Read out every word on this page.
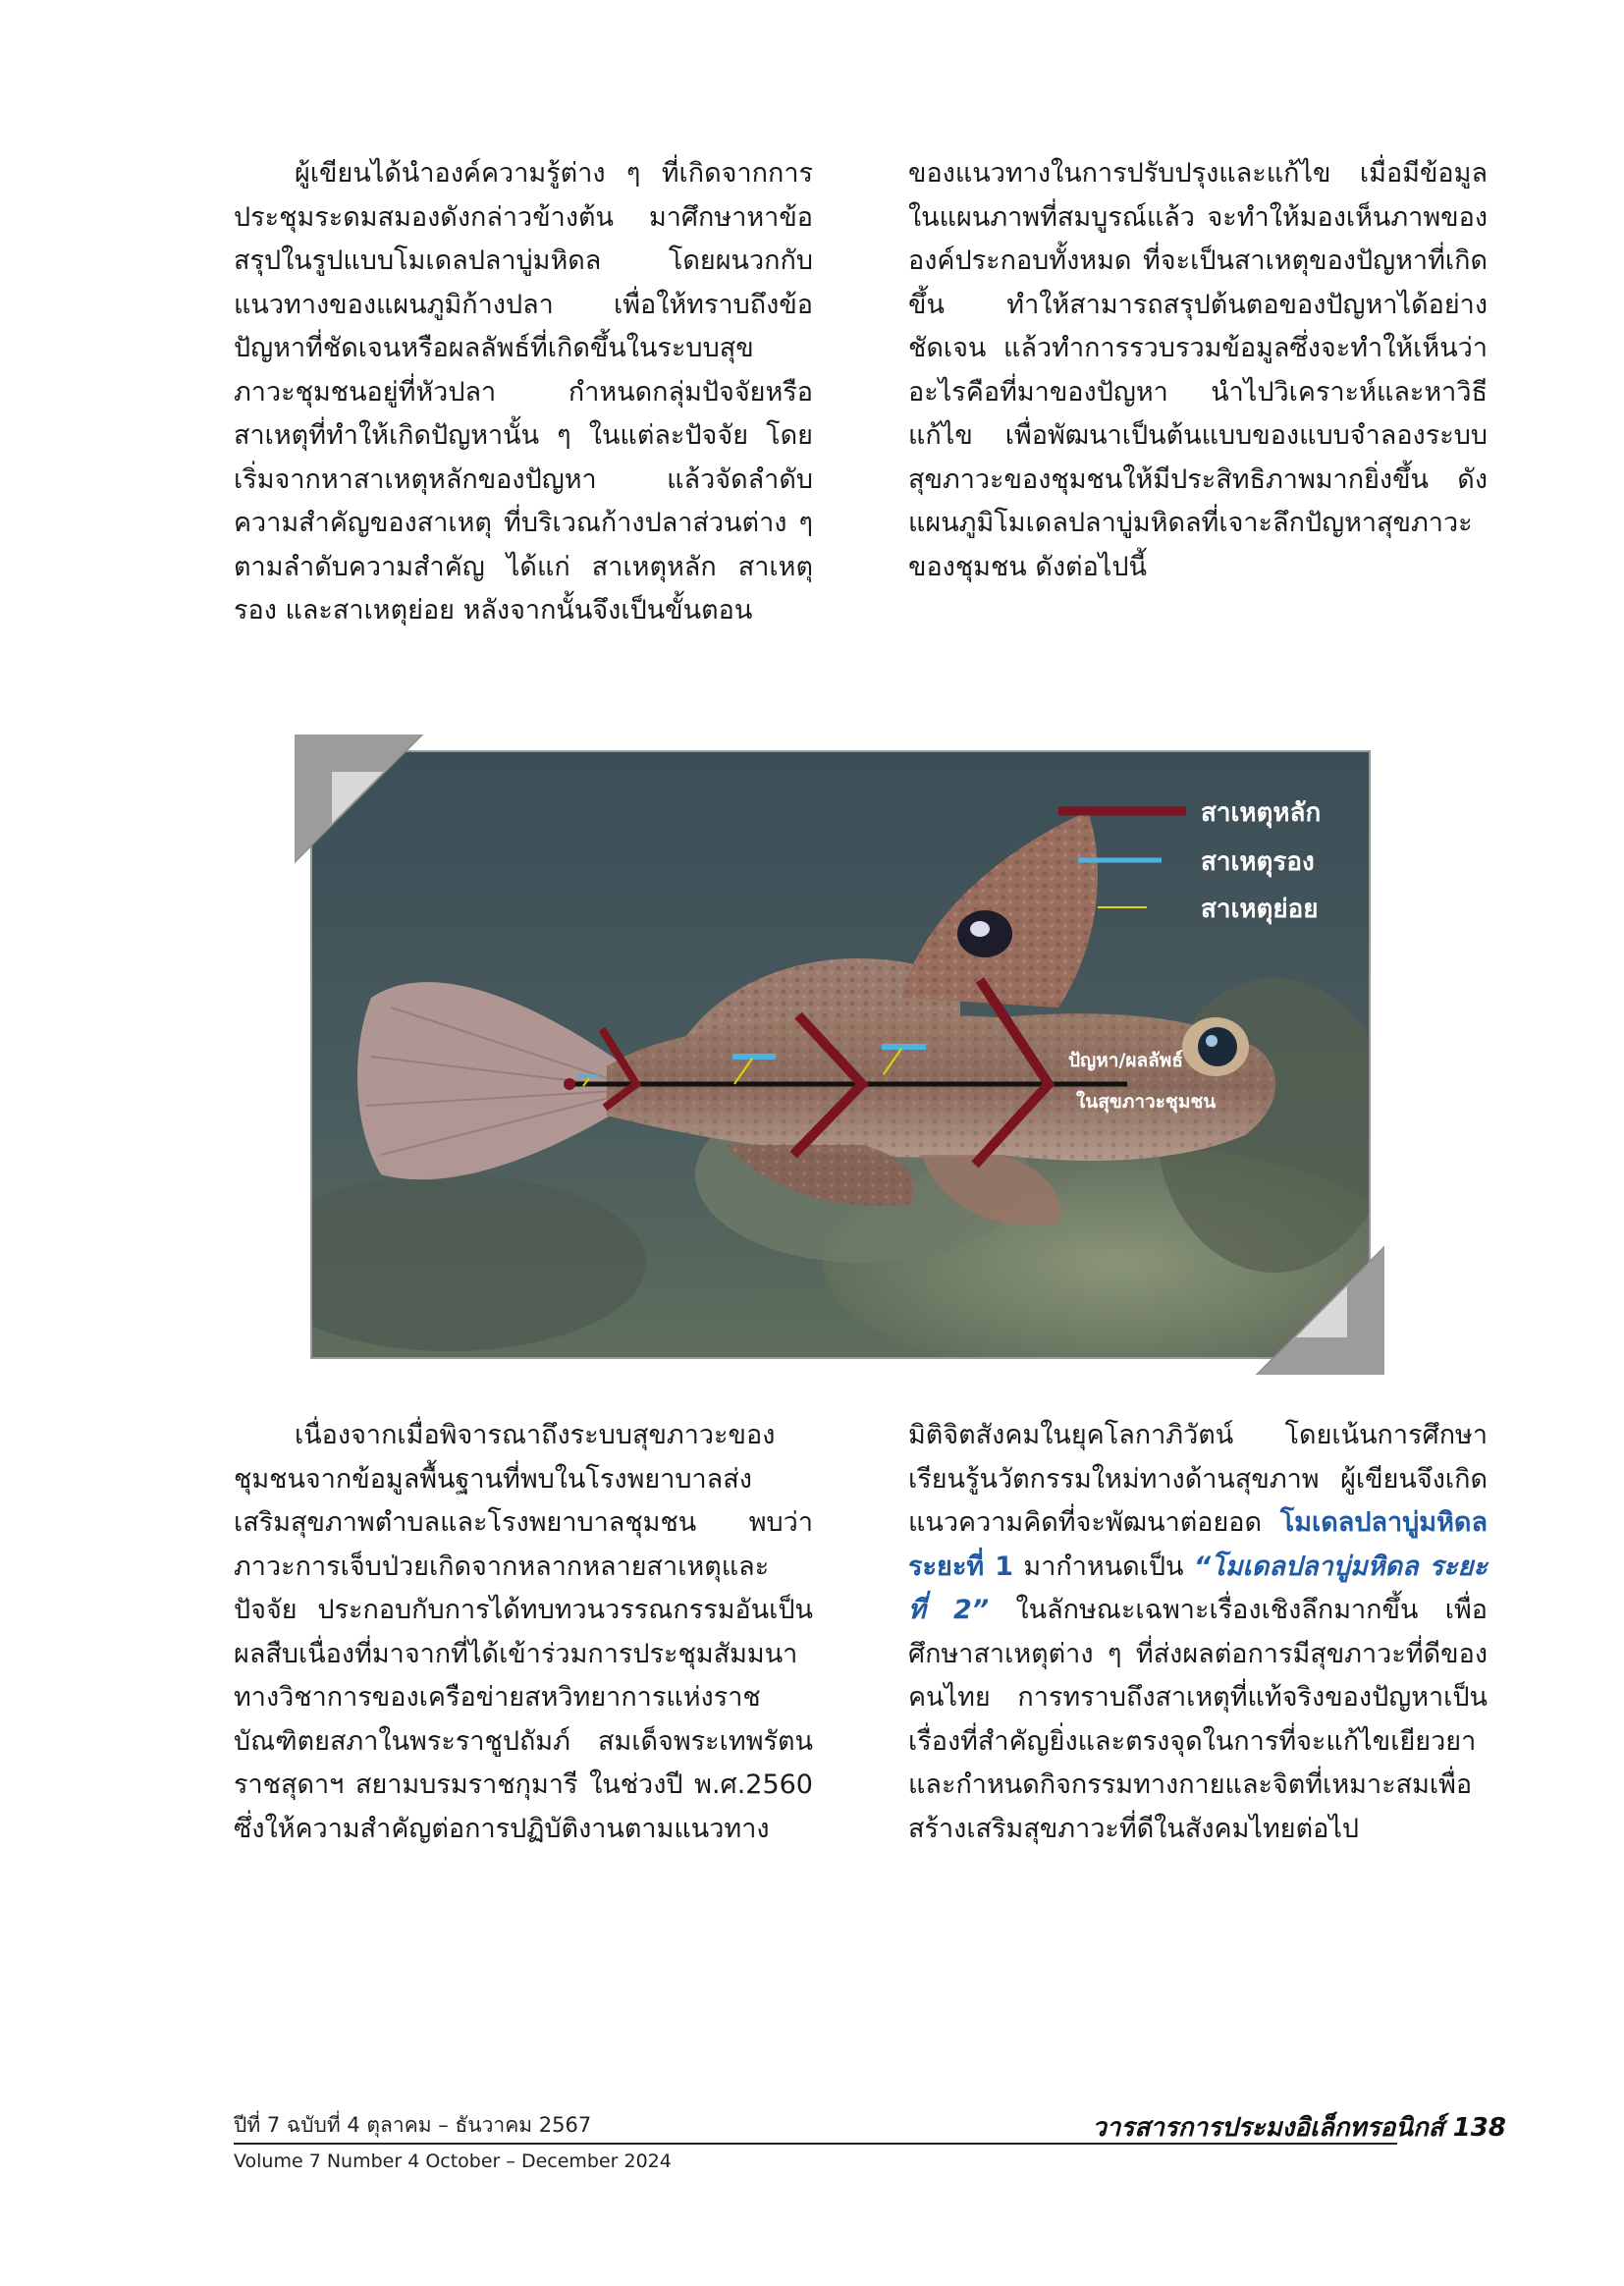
ผู้เขียนได้นำองค์ความรู้ต่าง ๆ ที่เกิดจากการประชุมระดมสมองดังกล่าวข้างต้น มาศึกษาหาข้อสรุปในรูปแบบโมเดลปลาบู่มหิดล โดยผนวกกับแนวทางของแผนภูมิก้างปลา เพื่อให้ทราบถึงข้อปัญหาที่ชัดเจนหรือผลลัพธ์ที่เกิดขึ้นในระบบสุขภาวะชุมชนอยู่ที่หัวปลา กำหนดกลุ่มปัจจัยหรือสาเหตุที่ทำให้เกิดปัญหานั้น ๆ ในแต่ละปัจจัย โดยเริ่มจากหาสาเหตุหลักของปัญหา แล้วจัดลำดับความสำคัญของสาเหตุ ที่บริเวณก้างปลาส่วนต่าง ๆ ตามลำดับความสำคัญ ได้แก่ สาเหตุหลัก สาเหตุรอง และสาเหตุย่อย หลังจากนั้นจึงเป็นขั้นตอน

ของแนวทางในการปรับปรุงและแก้ไข เมื่อมีข้อมูลในแผนภาพที่สมบูรณ์แล้ว จะทำให้มองเห็นภาพขององค์ประกอบทั้งหมด ที่จะเป็นสาเหตุของปัญหาที่เกิดขึ้น ทำให้สามารถสรุปต้นตอของปัญหาได้อย่างชัดเจน แล้วทำการรวบรวมข้อมูลซึ่งจะทำให้เห็นว่าอะไรคือที่มาของปัญหา นำไปวิเคราะห์และหาวิธีแก้ไข เพื่อพัฒนาเป็นต้นแบบของแบบจำลองระบบสุขภาวะของชุมชนให้มีประสิทธิภาพมากยิ่งขึ้น ดังแผนภูมิโมเดลปลาบู่มหิดลที่เจาะลึกปัญหาสุขภาวะของชุมชน ดังต่อไปนี้

ปัญหา/ผลลัพธ์
ในสุขภาวะชุมชน
สาเหตุหลัก
สาเหตุรอง
สาเหตุย่อย

เนื่องจากเมื่อพิจารณาถึงระบบสุขภาวะของชุมชนจากข้อมูลพื้นฐานที่พบในโรงพยาบาลส่งเสริมสุขภาพตำบลและโรงพยาบาลชุมชน พบว่าภาวะการเจ็บป่วยเกิดจากหลากหลายสาเหตุและปัจจัย ประกอบกับการได้ทบทวนวรรณกรรมอันเป็นผลสืบเนื่องที่มาจากที่ได้เข้าร่วมการประชุมสัมมนาทางวิชาการของเครือข่ายสหวิทยาการแห่งราชบัณฑิตยสภาในพระราชูปถัมภ์ สมเด็จพระเทพรัตนราชสุดาฯ สยามบรมราชกุมารี ในช่วงปี พ.ศ.2560 ซึ่งให้ความสำคัญต่อการปฏิบัติงานตามแนวทาง

มิติจิตสังคมในยุคโลกาภิวัตน์ โดยเน้นการศึกษาเรียนรู้นวัตกรรมใหม่ทางด้านสุขภาพ ผู้เขียนจึงเกิดแนวความคิดที่จะพัฒนาต่อยอด โมเดลปลาบู่มหิดล ระยะที่ 1 มากำหนดเป็น “โมเดลปลาบู่มหิดล ระยะที่ 2” ในลักษณะเฉพาะเรื่องเชิงลึกมากขึ้น เพื่อศึกษาสาเหตุต่าง ๆ ที่ส่งผลต่อการมีสุขภาวะที่ดีของคนไทย การทราบถึงสาเหตุที่แท้จริงของปัญหาเป็นเรื่องที่สำคัญยิ่งและตรงจุดในการที่จะแก้ไขเยียวยา และกำหนดกิจกรรมทางกายและจิตที่เหมาะสมเพื่อสร้างเสริมสุขภาวะที่ดีในสังคมไทยต่อไป

ปีที่ 7 ฉบับที่ 4 ตุลาคม – ธันวาคม 2567
Volume 7 Number 4 October – December 2024
วารสารการประมงอิเล็กทรอนิกส์ 138
